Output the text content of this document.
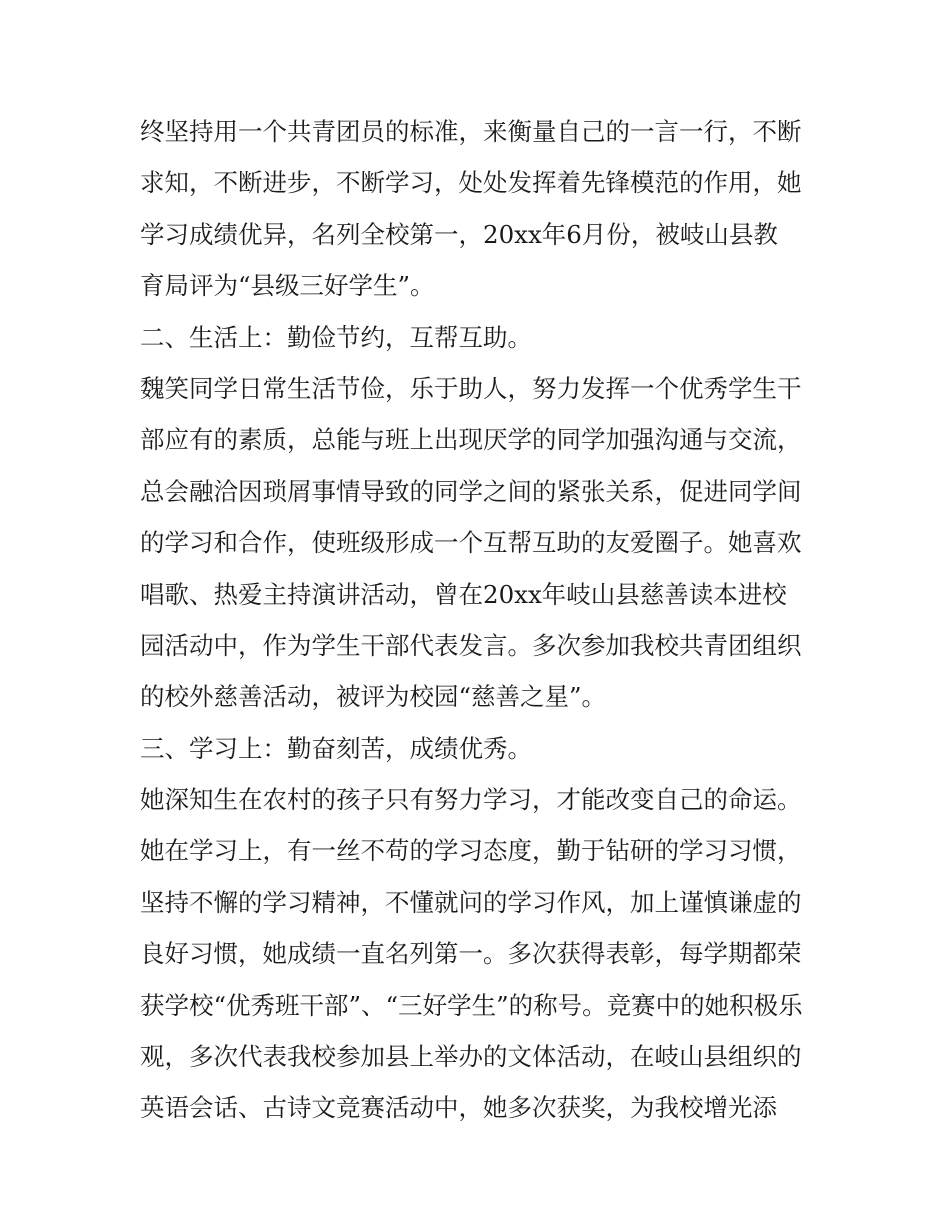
终坚持用一个共青团员的标准，来衡量自己的一言一行，不断
求知，不断进步，不断学习，处处发挥着先锋模范的作用，她
学习成绩优异，名列全校第一，20xx年6月份，被岐山县教
育局评为“县级三好学生”。
二、生活上：勤俭节约，互帮互助。
魏笑同学日常生活节俭，乐于助人，努力发挥一个优秀学生干
部应有的素质，总能与班上出现厌学的同学加强沟通与交流，
总会融洽因琐屑事情导致的同学之间的紧张关系，促进同学间
的学习和合作，使班级形成一个互帮互助的友爱圈子。她喜欢
唱歌、热爱主持演讲活动，曾在20xx年岐山县慈善读本进校
园活动中，作为学生干部代表发言。多次参加我校共青团组织
的校外慈善活动，被评为校园“慈善之星”。
三、学习上：勤奋刻苦，成绩优秀。
她深知生在农村的孩子只有努力学习，才能改变自己的命运。
她在学习上，有一丝不苟的学习态度，勤于钻研的学习习惯，
坚持不懈的学习精神，不懂就问的学习作风，加上谨慎谦虚的
良好习惯，她成绩一直名列第一。多次获得表彰，每学期都荣
获学校“优秀班干部”、“三好学生”的称号。竞赛中的她积极乐
观，多次代表我校参加县上举办的文体活动，在岐山县组织的
英语会话、古诗文竞赛活动中，她多次获奖，为我校增光添
